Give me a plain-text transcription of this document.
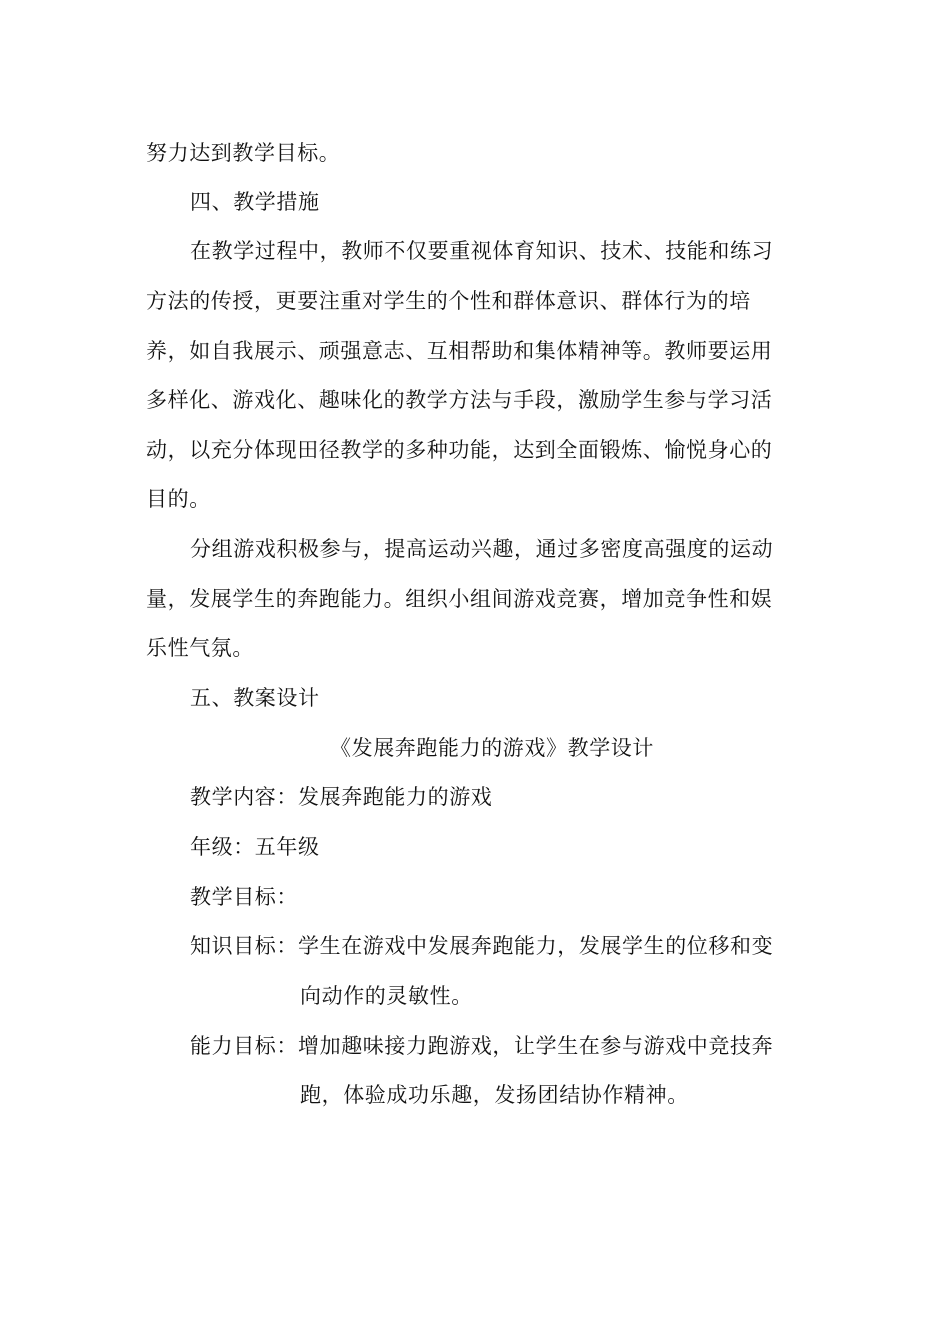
努力达到教学目标。
四、教学措施
在教学过程中，教师不仅要重视体育知识、技术、技能和练习
方法的传授，更要注重对学生的个性和群体意识、群体行为的培
养，如自我展示、顽强意志、互相帮助和集体精神等。教师要运用
多样化、游戏化、趣味化的教学方法与手段，激励学生参与学习活
动，以充分体现田径教学的多种功能，达到全面锻炼、愉悦身心的
目的。
分组游戏积极参与，提高运动兴趣，通过多密度高强度的运动
量，发展学生的奔跑能力。组织小组间游戏竞赛，增加竞争性和娱
乐性气氛。
五、教案设计
《发展奔跑能力的游戏》教学设计
教学内容：发展奔跑能力的游戏
年级：五年级
教学目标：
知识目标：学生在游戏中发展奔跑能力，发展学生的位移和变
向动作的灵敏性。
能力目标：增加趣味接力跑游戏，让学生在参与游戏中竞技奔
跑，体验成功乐趣，发扬团结协作精神。
